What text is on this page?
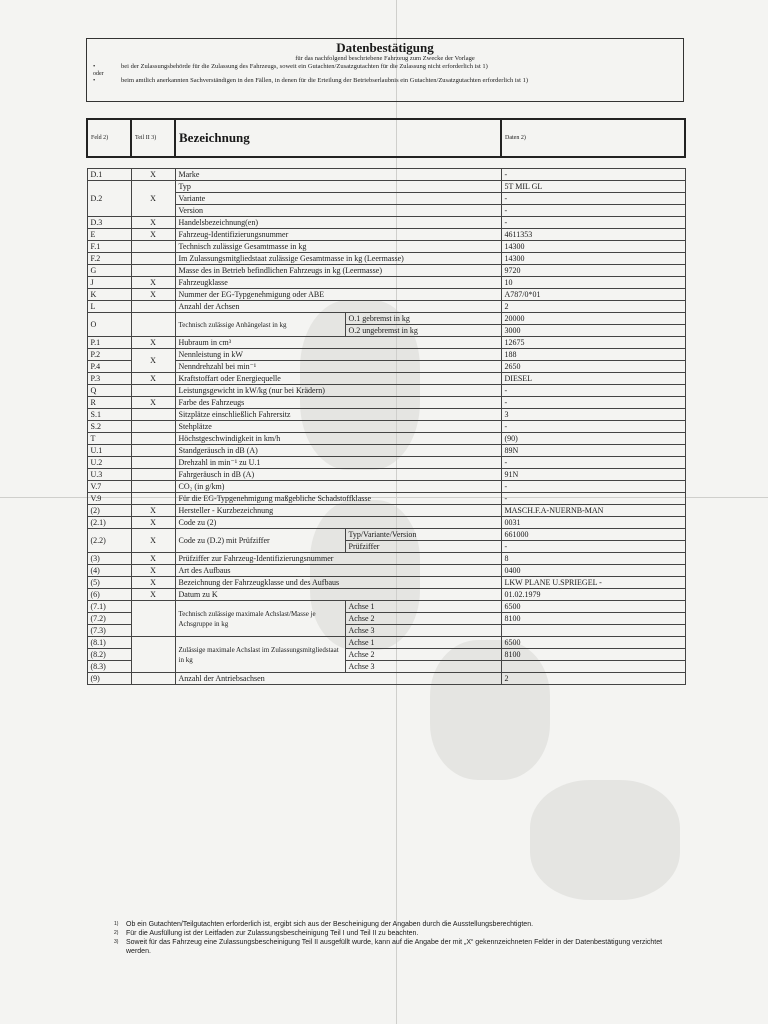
Datenbestätigung
für das nachfolgend beschriebene Fahrzeug zum Zwecke der Vorlage
•	bei der Zulassungsbehörde für die Zulassung des Fahrzeugs, soweit ein Gutachten/Zusatzgutachten für die Zulassung nicht erforderlich ist 1)
oder
•	beim amtlich anerkannten Sachverständigen in den Fällen, in denen für die Erteilung der Betriebserlaubnis ein Gutachten/Zusatzgutachten erforderlich ist 1)
Feld 2)	Teil II 3)	Bezeichnung		Daten 2)

D.1	X	Marke		-
D.2	X	Typ		5T MIL GL
		Variante		-
		Version		-
D.3	X	Handelsbezeichnung(en)		-
E	X	Fahrzeug-Identifizierungsnummer		4611353
F.1		Technisch zulässige Gesamtmasse in kg		14300
F.2		Im Zulassungsmitgliedstaat zulässige Gesamtmasse in kg (Leermasse)		14300
G		Masse des in Betrieb befindlichen Fahrzeugs in kg (Leermasse)		9720
J	X	Fahrzeugklasse		10
K	X	Nummer der EG-Typgenehmigung oder ABE		A787/0*01
L		Anzahl der Achsen		2
O		Technisch zulässige Anhängelast in kg	O.1 gebremst in kg	20000
			O.2 ungebremst in kg	3000
P.1	X	Hubraum in cm³		12675
P.2	X	Nennleistung in kW		188
P.4		Nenndrehzahl bei min⁻¹		2650
P.3	X	Kraftstoffart oder Energiequelle		DIESEL
Q		Leistungsgewicht in kW/kg (nur bei Krädern)		-
R	X	Farbe des Fahrzeugs		-
S.1		Sitzplätze einschließlich Fahrersitz		3
S.2		Stehplätze		-
T		Höchstgeschwindigkeit in km/h		(90)
U.1		Standgeräusch in dB (A)		89N
U.2		Drehzahl in min⁻¹ zu U.1		-
U.3		Fahrgeräusch in dB (A)		91N
V.7		CO₂ (in g/km)		-
V.9		Für die EG-Typgenehmigung maßgebliche Schadstoffklasse		-
(2)	X	Hersteller - Kurzbezeichnung		MASCH.F.A-NUERNB-MAN
(2.1)	X	Code zu (2)		0031
(2.2)	X	Code zu (D.2) mit Prüfziffer	Typ/Variante/Version	661000
			Prüfziffer	-
(3)	X	Prüfziffer zur Fahrzeug-Identifizierungsnummer		8
(4)	X	Art des Aufbaus		0400
(5)	X	Bezeichnung der Fahrzeugklasse und des Aufbaus		LKW PLANE U.SPRIEGEL -
(6)	X	Datum zu K		01.02.1979
(7.1)		Technisch zulässige maximale Achslast/Masse je Achsgruppe in kg	Achse 1	6500
(7.2)			Achse 2	8100
(7.3)			Achse 3	
(8.1)		Zulässige maximale Achslast im Zulassungsmitgliedstaat in kg	Achse 1	6500
(8.2)			Achse 2	8100
(8.3)			Achse 3	
(9)		Anzahl der Antriebsachsen		2
1) Ob ein Gutachten/Teilgutachten erforderlich ist, ergibt sich aus der Bescheinigung der Angaben durch die Ausstellungsberechtigten.
2) Für die Ausfüllung ist der Leitfaden zur Zulassungsbescheinigung Teil I und Teil II zu beachten.
3) Soweit für das Fahrzeug eine Zulassungsbescheinigung Teil II ausgefüllt wurde, kann auf die Angabe der mit „X“ gekennzeichneten Felder in der Datenbestätigung verzichtet werden.
